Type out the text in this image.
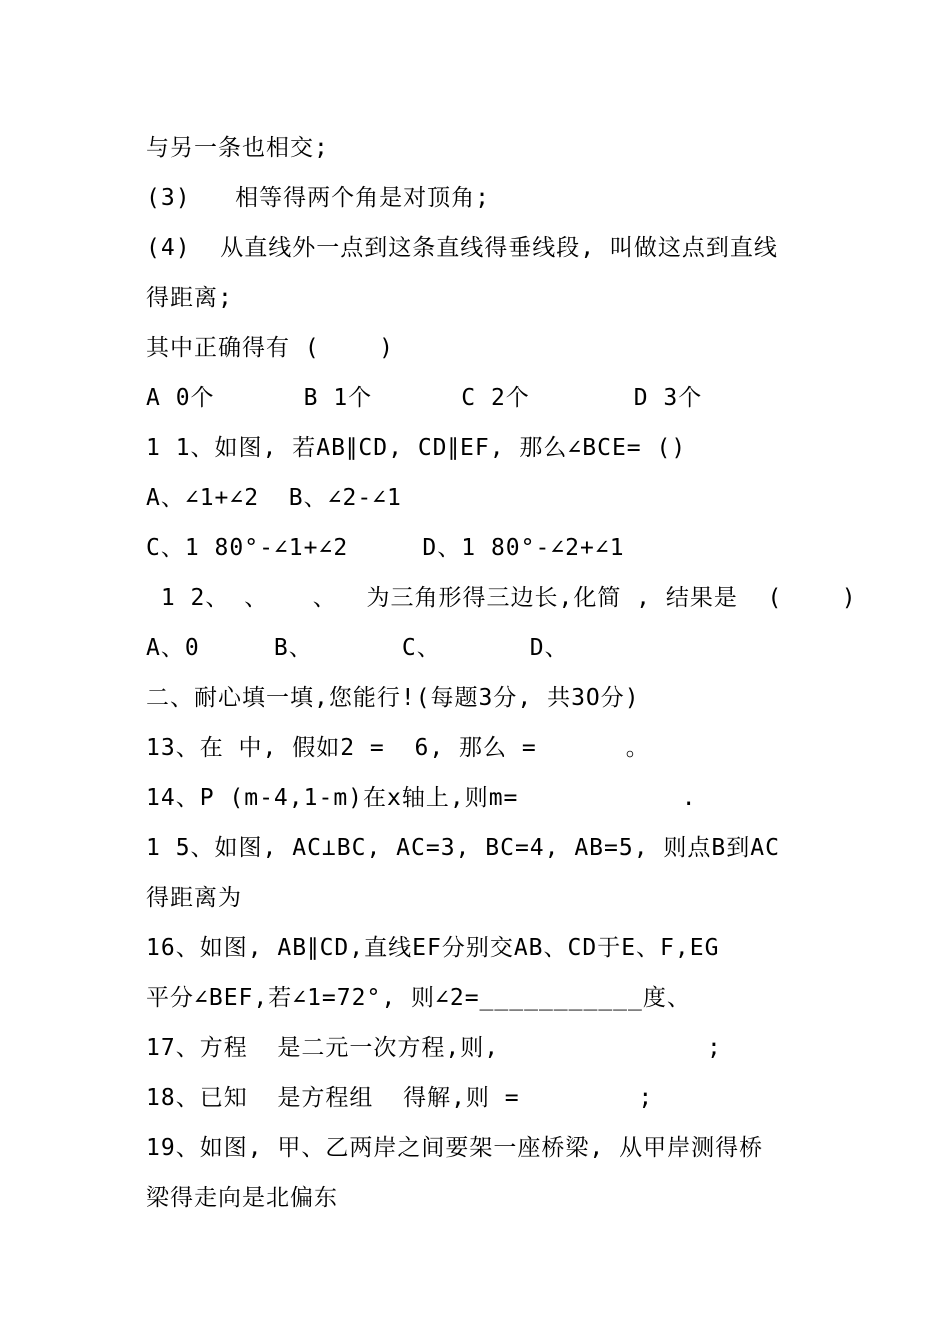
与另一条也相交;
(3)   相等得两个角是对顶角;
(4)  从直线外一点到这条直线得垂线段, 叫做这点到直线
得距离;
其中正确得有 (    )
A 0个      B 1个      C 2个       D 3个
1 1、如图, 若AB∥CD, CD∥EF, 那么∠BCE= ()
A、∠1+∠2  B、∠2-∠1
C、1 80°-∠1+∠2     D、1 80°-∠2+∠1
1 2、 、   、  为三角形得三边长,化简 , 结果是  (    )
A、0     B、      C、      D、
二、耐心填一填,您能行!(每题3分, 共3O分)
13、在 中, 假如2 =  6, 那么 =      。
14、P (m-4,1-m)在x轴上,则m=           .
1 5、如图, AC⊥BC, AC=3, BC=4, AB=5, 则点B到AC
得距离为
16、如图, AB∥CD,直线EF分别交AB、CD于E、F,EG
平分∠BEF,若∠1=72°, 则∠2=___________度、
17、方程  是二元一次方程,则,              ;
18、已知  是方程组  得解,则 =        ;
19、如图, 甲、乙两岸之间要架一座桥梁, 从甲岸测得桥
梁得走向是北偏东
